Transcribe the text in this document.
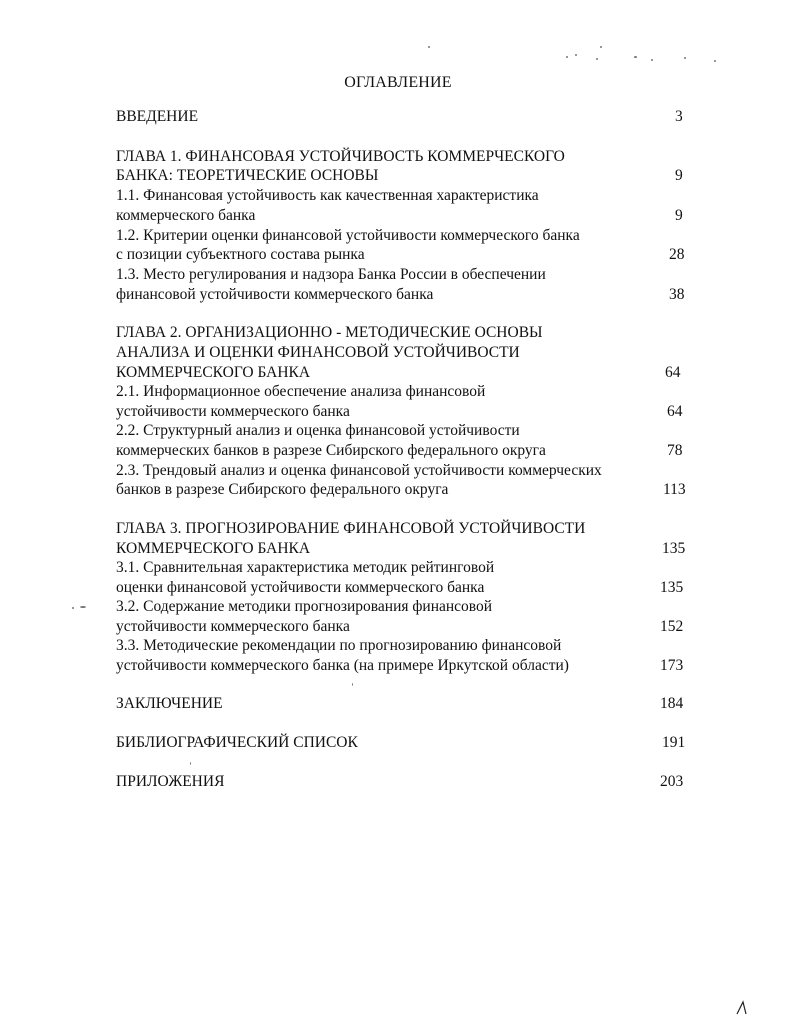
ОГЛАВЛЕНИЕ
ВВЕДЕНИЕ	3
ГЛАВА 1. ФИНАНСОВАЯ УСТОЙЧИВОСТЬ КОММЕРЧЕСКОГО
БАНКА: ТЕОРЕТИЧЕСКИЕ ОСНОВЫ	9
1.1. Финансовая устойчивость как качественная характеристика
коммерческого банка	9
1.2. Критерии оценки финансовой устойчивости коммерческого банка
с позиции субъектного состава рынка	28
1.3. Место регулирования и надзора Банка России в обеспечении
финансовой устойчивости коммерческого банка	38
ГЛАВА 2. ОРГАНИЗАЦИОННО - МЕТОДИЧЕСКИЕ ОСНОВЫ
АНАЛИЗА И ОЦЕНКИ ФИНАНСОВОЙ УСТОЙЧИВОСТИ
КОММЕРЧЕСКОГО БАНКА	64
2.1. Информационное обеспечение анализа финансовой
устойчивости коммерческого банка	64
2.2. Структурный анализ и оценка финансовой устойчивости
коммерческих банков в разрезе Сибирского федерального округа	78
2.3. Трендовый анализ и оценка финансовой устойчивости коммерческих
банков в разрезе Сибирского федерального округа	113
ГЛАВА 3. ПРОГНОЗИРОВАНИЕ ФИНАНСОВОЙ УСТОЙЧИВОСТИ
КОММЕРЧЕСКОГО БАНКА	135
3.1. Сравнительная характеристика методик рейтинговой
оценки финансовой устойчивости коммерческого банка	135
3.2. Содержание методики прогнозирования финансовой
устойчивости коммерческого банка	152
3.3. Методические рекомендации по прогнозированию финансовой
устойчивости коммерческого банка (на примере Иркутской области)	173
ЗАКЛЮЧЕНИЕ	184
БИБЛИОГРАФИЧЕСКИЙ СПИСОК	191
ПРИЛОЖЕНИЯ	203
